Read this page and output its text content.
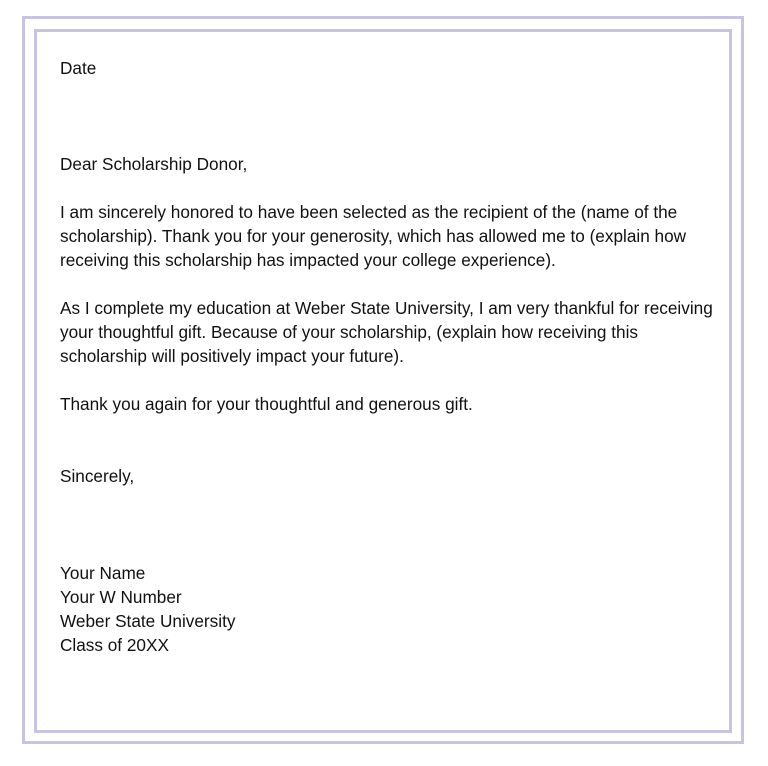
Date

Dear Scholarship Donor,

I am sincerely honored to have been selected as the recipient of the (name of the scholarship). Thank you for your generosity, which has allowed me to (explain how receiving this scholarship has impacted your college experience).

As I complete my education at Weber State University, I am very thankful for receiving your thoughtful gift. Because of your scholarship, (explain how receiving this scholarship will positively impact your future).

Thank you again for your thoughtful and generous gift.

Sincerely,

Your Name

Your W Number

Weber State University

Class of 20XX
